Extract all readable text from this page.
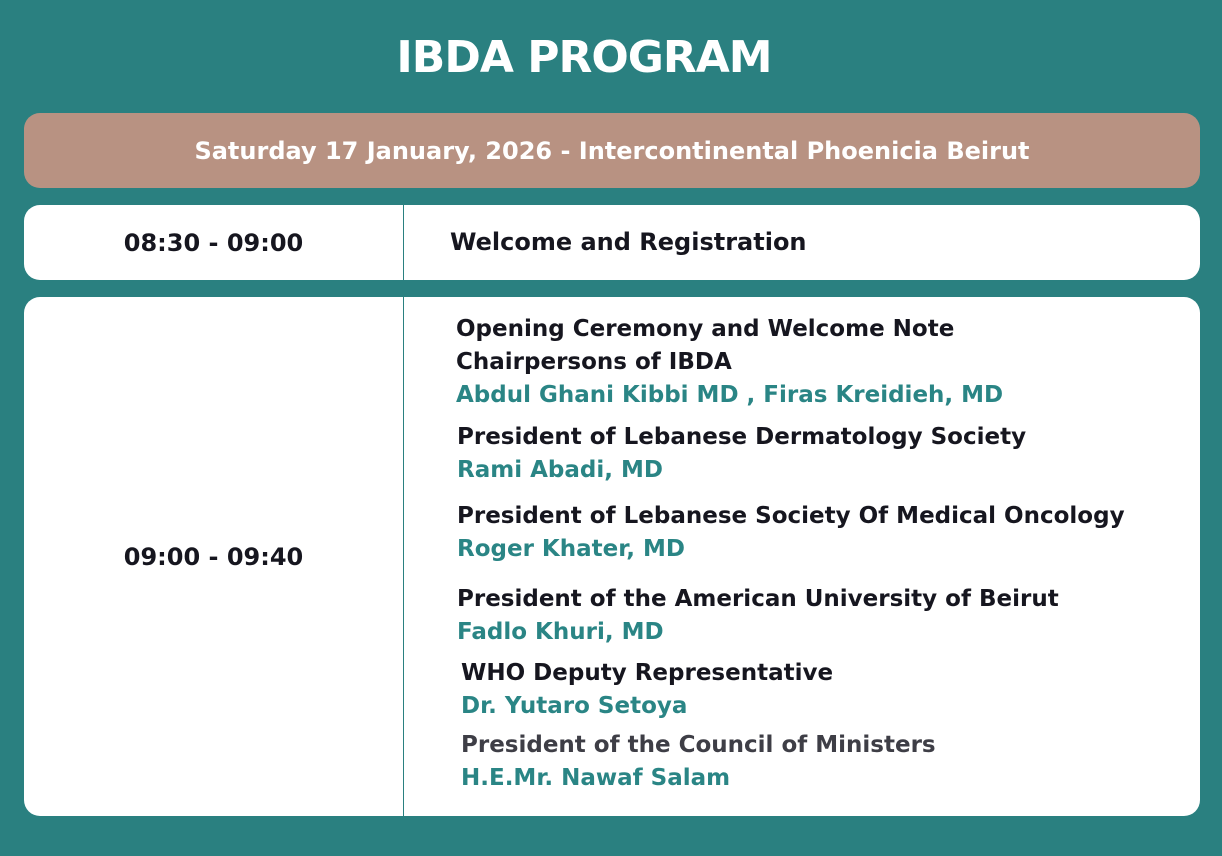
IBDA PROGRAM
Saturday 17 January, 2026 - Intercontinental Phoenicia Beirut
08:30 - 09:00	Welcome and Registration
09:00 - 09:40
Opening Ceremony and Welcome Note
Chairpersons of IBDA
Abdul Ghani Kibbi MD , Firas Kreidieh, MD
President of Lebanese Dermatology Society
Rami Abadi, MD
President of Lebanese Society Of Medical Oncology
Roger Khater, MD
President of the American University of Beirut
Fadlo Khuri, MD
WHO Deputy Representative
Dr. Yutaro Setoya
President of the Council of Ministers
H.E.Mr. Nawaf Salam
